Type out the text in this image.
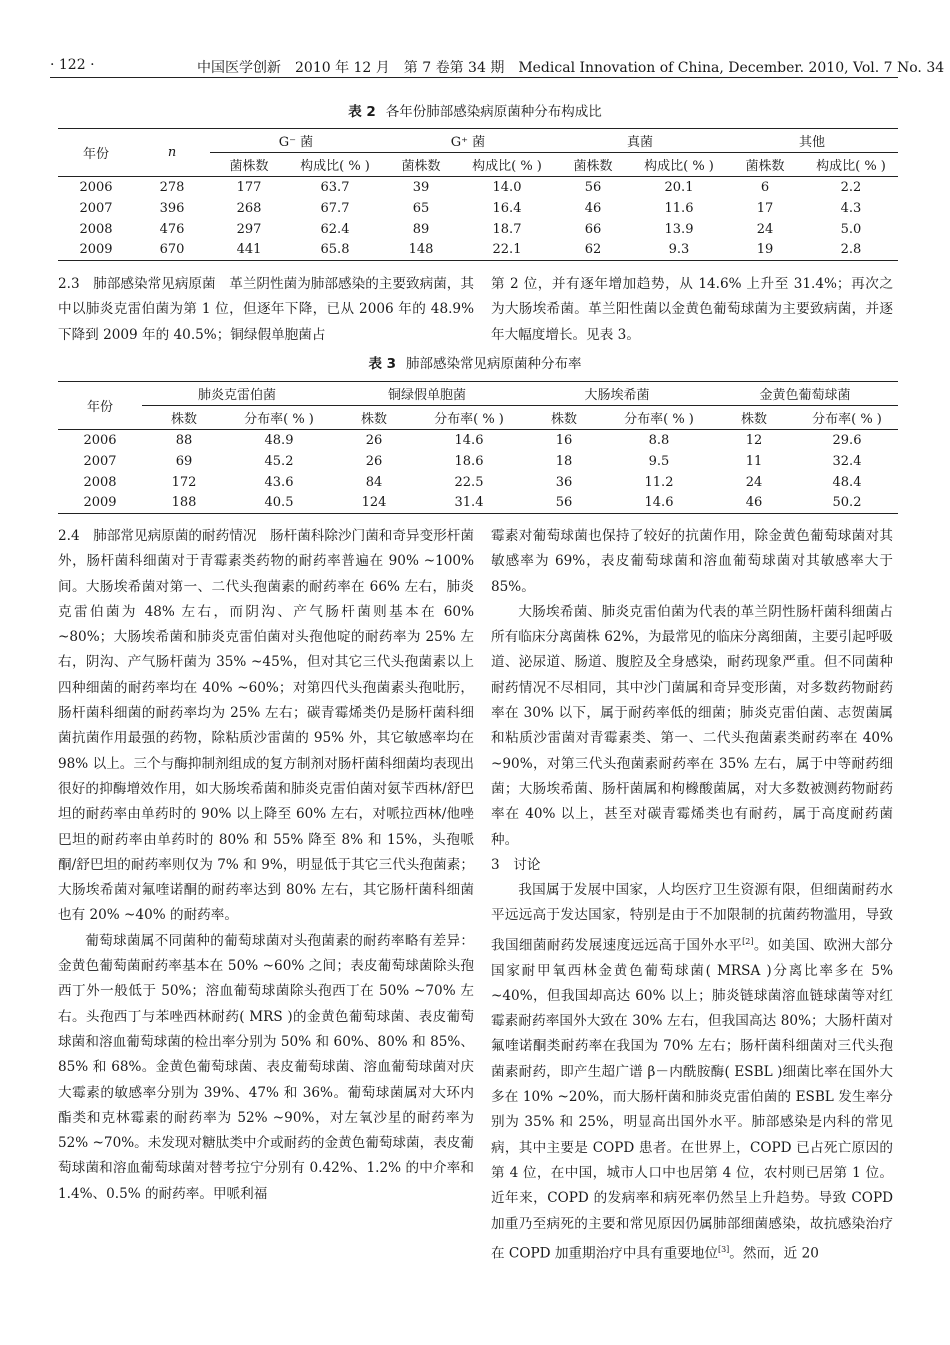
· 122 ·	中国医学创新　2010 年 12 月　第 7 卷第 34 期　Medical Innovation of China, December. 2010, Vol. 7 No. 34
表 2 各年份肺部感染病原菌种分布构成比
年份	n	G⁻ 菌		G⁺ 菌		真菌		其他	
		菌株数	构成比( % )	菌株数	构成比( % )	菌株数	构成比( % )	菌株数	构成比( % )
2006	278	177	63.7	39	14.0	56	20.1	6	2.2
2007	396	268	67.7	65	16.4	46	11.6	17	4.3
2008	476	297	62.4	89	18.7	66	13.9	24	5.0
2009	670	441	65.8	148	22.1	62	9.3	19	2.8

2.3　肺部感染常见病原菌　革兰阴性菌为肺部感染的主要致病菌，其中以肺炎克雷伯菌为第 1 位，但逐年下降，已从 2006 年的 48.9% 下降到 2009 年的 40.5%；铜绿假单胞菌占

第 2 位，并有逐年增加趋势，从 14.6% 上升至 31.4%；再次之为大肠埃希菌。革兰阳性菌以金黄色葡萄球菌为主要致病菌，并逐年大幅度增长。见表 3。

表 3 肺部感染常见病原菌种分布率
年份	肺炎克雷伯菌		铜绿假单胞菌		大肠埃希菌		金黄色葡萄球菌	
	株数	分布率( % )	株数	分布率( % )	株数	分布率( % )	株数	分布率( % )
2006	88	48.9	26	14.6	16	8.8	12	29.6
2007	69	45.2	26	18.6	18	9.5	11	32.4
2008	172	43.6	84	22.5	36	11.2	24	48.4
2009	188	40.5	124	31.4	56	14.6	46	50.2

2.4　肺部常见病原菌的耐药情况　肠杆菌科除沙门菌和奇异变形杆菌外，肠杆菌科细菌对于青霉素类药物的耐药率普遍在 90% ~100% 间。大肠埃希菌对第一、二代头孢菌素的耐药率在 66% 左右，肺炎克雷伯菌为 48% 左右，而阴沟、产气肠杆菌则基本在 60% ~80%；大肠埃希菌和肺炎克雷伯菌对头孢他啶的耐药率为 25% 左右，阴沟、产气肠杆菌为 35% ~45%，但对其它三代头孢菌素以上四种细菌的耐药率均在 40% ~60%；对第四代头孢菌素头孢吡肟，肠杆菌科细菌的耐药率均为 25% 左右；碳青霉烯类仍是肠杆菌科细菌抗菌作用最强的药物，除粘质沙雷菌的 95% 外，其它敏感率均在 98% 以上。三个与酶抑制剂组成的复方制剂对肠杆菌科细菌均表现出很好的抑酶增效作用，如大肠埃希菌和肺炎克雷伯菌对氨苄西林/舒巴坦的耐药率由单药时的 90% 以上降至 60% 左右，对哌拉西林/他唑巴坦的耐药率由单药时的 80% 和 55% 降至 8% 和 15%，头孢哌酮/舒巴坦的耐药率则仅为 7% 和 9%，明显低于其它三代头孢菌素；大肠埃希菌对氟喹诺酮的耐药率达到 80% 左右，其它肠杆菌科细菌也有 20% ~40% 的耐药率。

葡萄球菌属不同菌种的葡萄球菌对头孢菌素的耐药率略有差异：金黄色葡萄菌耐药率基本在 50% ~60% 之间；表皮葡萄球菌除头孢西丁外一般低于 50%；溶血葡萄球菌除头孢西丁在 50% ~70% 左右。头孢西丁与苯唑西林耐药( MRS )的金黄色葡萄球菌、表皮葡萄球菌和溶血葡萄球菌的检出率分别为 50% 和 60%、80% 和 85%、85% 和 68%。金黄色葡萄球菌、表皮葡萄球菌、溶血葡萄球菌对庆大霉素的敏感率分别为 39%、47% 和 36%。葡萄球菌属对大环内酯类和克林霉素的耐药率为 52% ~90%，对左氧沙星的耐药率为 52% ~70%。未发现对糖肽类中介或耐药的金黄色葡萄球菌，表皮葡萄球菌和溶血葡萄球菌对替考拉宁分别有 0.42%、1.2% 的中介率和 1.4%、0.5% 的耐药率。甲哌利福

霉素对葡萄球菌也保持了较好的抗菌作用，除金黄色葡萄球菌对其敏感率为 69%，表皮葡萄球菌和溶血葡萄球菌对其敏感率大于 85%。

大肠埃希菌、肺炎克雷伯菌为代表的革兰阴性肠杆菌科细菌占所有临床分离菌株 62%，为最常见的临床分离细菌，主要引起呼吸道、泌尿道、肠道、腹腔及全身感染，耐药现象严重。但不同菌种耐药情况不尽相同，其中沙门菌属和奇异变形菌，对多数药物耐药率在 30% 以下，属于耐药率低的细菌；肺炎克雷伯菌、志贺菌属和粘质沙雷菌对青霉素类、第一、二代头孢菌素类耐药率在 40% ~90%，对第三代头孢菌素耐药率在 35% 左右，属于中等耐药细菌；大肠埃希菌、肠杆菌属和枸橼酸菌属，对大多数被测药物耐药率在 40% 以上，甚至对碳青霉烯类也有耐药，属于高度耐药菌种。

3　讨论

我国属于发展中国家，人均医疗卫生资源有限，但细菌耐药水平远远高于发达国家，特别是由于不加限制的抗菌药物滥用，导致我国细菌耐药发展速度远远高于国外水平[2]。如美国、欧洲大部分国家耐甲氧西林金黄色葡萄球菌( MRSA )分离比率多在 5% ~40%，但我国却高达 60% 以上；肺炎链球菌溶血链球菌等对红霉素耐药率国外大致在 30% 左右，但我国高达 80%；大肠杆菌对氟喹诺酮类耐药率在我国为 70% 左右；肠杆菌科细菌对三代头孢菌素耐药，即产生超广谱 β－内酰胺酶( ESBL )细菌比率在国外大多在 10% ~20%，而大肠杆菌和肺炎克雷伯菌的 ESBL 发生率分别为 35% 和 25%，明显高出国外水平。肺部感染是内科的常见病，其中主要是 COPD 患者。在世界上，COPD 已占死亡原因的第 4 位，在中国，城市人口中也居第 4 位，农村则已居第 1 位。近年来，COPD 的发病率和病死率仍然呈上升趋势。导致 COPD 加重乃至病死的主要和常见原因仍属肺部细菌感染，故抗感染治疗在 COPD 加重期治疗中具有重要地位[3]。然而，近 20
